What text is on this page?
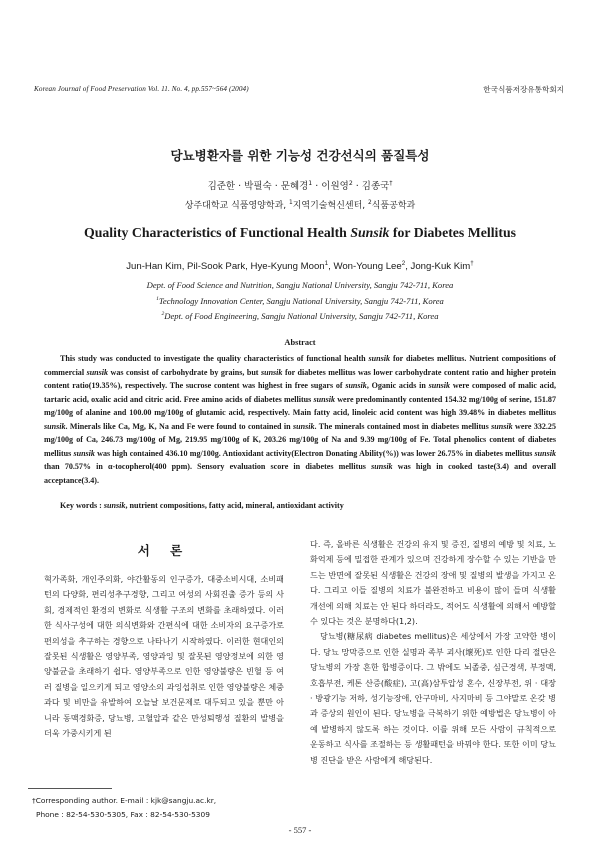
Korean Journal of Food Preservation Vol. 11. No. 4, pp.557~564 (2004)	한국식품저장유통학회지
당뇨병환자를 위한 기능성 건강선식의 품질특성
김준한 · 박필숙 · 문혜경$^1$ · 이원영$^2$ · 김종국†
상주대학교 식품영양학과, $^1$지역기술혁신센터, $^2$식품공학과
Quality Characteristics of Functional Health Sunsik for Diabetes Mellitus
Jun-Han Kim, Pil-Sook Park, Hye-Kyung Moon$^1$, Won-Young Lee$^2$, Jong-Kuk Kim†
Dept. of Food Science and Nutrition, Sangju National University, Sangju 742-711, Korea
$^1$Technology Innovation Center, Sangju National University, Sangju 742-711, Korea
$^2$Dept. of Food Engineering, Sangju National University, Sangju 742-711, Korea
Abstract
This study was conducted to investigate the quality characteristics of functional health sunsik for diabetes mellitus. Nutrient compositions of commercial sunsik was consist of carbohydrate by grains, but sunsik for diabetes mellitus was lower carbohydrate content ratio and higher protein content ratio(19.35%), respectively. The sucrose content was highest in free sugars of sunsik, Oganic acids in sunsik were composed of malic acid, tartaric acid, oxalic acid and citric acid. Free amino acids of diabetes mellitus sunsik were predominantly contented 154.32 mg/100g of serine, 151.87 mg/100g of alanine and 100.00 mg/100g of glutamic acid, respectively. Main fatty acid, linoleic acid content was high 39.48% in diabetes mellitus sunsik. Minerals like Ca, Mg, K, Na and Fe were found to contained in sunsik. The minerals contained most in diabetes mellitus sunsik were 332.25 mg/100g of Ca, 246.73 mg/100g of Mg, 219.95 mg/100g of K, 203.26 mg/100g of Na and 9.39 mg/100g of Fe. Total phenolics content of diabetes mellitus sunsik was high contained 436.10 mg/100g. Antioxidant activity(Electron Donating Ability(%)) was lower 26.75% in diabetes mellitus sunsik than 70.57% in α-tocopherol(400 ppm). Sensory evaluation score in diabetes mellitus sunsik was high in cooked taste(3.4) and overall acceptance(3.4).
Key words : sunsik, nutrient compositions, fatty acid, mineral, antioxidant activity
서 론

혁가족화, 개인주의화, 야간활동의 인구증가, 대중소비시대, 소비패턴의 다양화, 편리성추구경향, 그리고 여성의 사회진출 증가 등의 사회, 경제적인 환경의 변화로 식생활 구조의 변화를 초래하였다. 이러한 식사구성에 대한 의식변화와 간편식에 대한 소비자의 요구증가로 편의성을 추구하는 경향으로 나타나기 시작하였다. 이러한 현대인의 잘못된 식생활은 영양부족, 영양과잉 및 잘못된 영양정보에 의한 영양불균을 초래하기 쉽다. 영양부족으로 인한 영양불량은 빈혈 등 여러 질병을 일으키게 되고 영양소의 과잉섭취로 인한 영양불량은 체중과다 및 비만을 유발하여 오늘날 보건문제로 대두되고 있을 뿐만 아니라 동맥경화증, 당뇨병, 고혈압과 같은 만성퇴행성 질환의 발병을 더욱 가중시키게 된

다. 즉, 올바른 식생활은 건강의 유지 및 증진, 질병의 예방 및 치료, 노화억제 등에 밀접한 관계가 있으며 건강하게 장수할 수 있는 기반을 만드는 반면에 잘못된 식생활은 건강의 장애 및 질병의 발생을 가지고 온다. 그리고 이들 질병의 치료가 불완전하고 비용이 많이 들며 식생활 개선에 의해 치료는 안 된다 하더라도, 적어도 식생활에 의해서 예방할 수 있다는 것은 분명하다(1,2).

당뇨병(糖尿病 diabetes mellitus)은 세상에서 가장 고약한 병이다. 당뇨 망막증으로 인한 실명과 족부 괴사(壞死)로 인한 다리 절단은 당뇨병의 가장 흔한 합병증이다. 그 밖에도 뇌졸중, 심근경색, 부정맥, 호흡부전, 케톤 산증(酸症), 고(高)삼투압성 혼수, 신장부전, 위 · 대장 · 방광기능 저하, 성기능장애, 안구마비, 사지마비 등 그야말로 온갖 병과 증상의 원인이 된다. 당뇨병을 극복하기 위한 예방법은 당뇨병이 아예 발병하지 않도록 하는 것이다. 이를 위해 모든 사람이 규칙적으로 운동하고 식사를 조절하는 등 생활패턴을 바꿔야 한다. 또한 이미 당뇨병 진단을 받은 사람에게 해당된다.

†Corresponding author. E-mail : kjk@sangju.ac.kr,
Phone : 82-54-530-5305, Fax : 82-54-530-5309
- 557 -
